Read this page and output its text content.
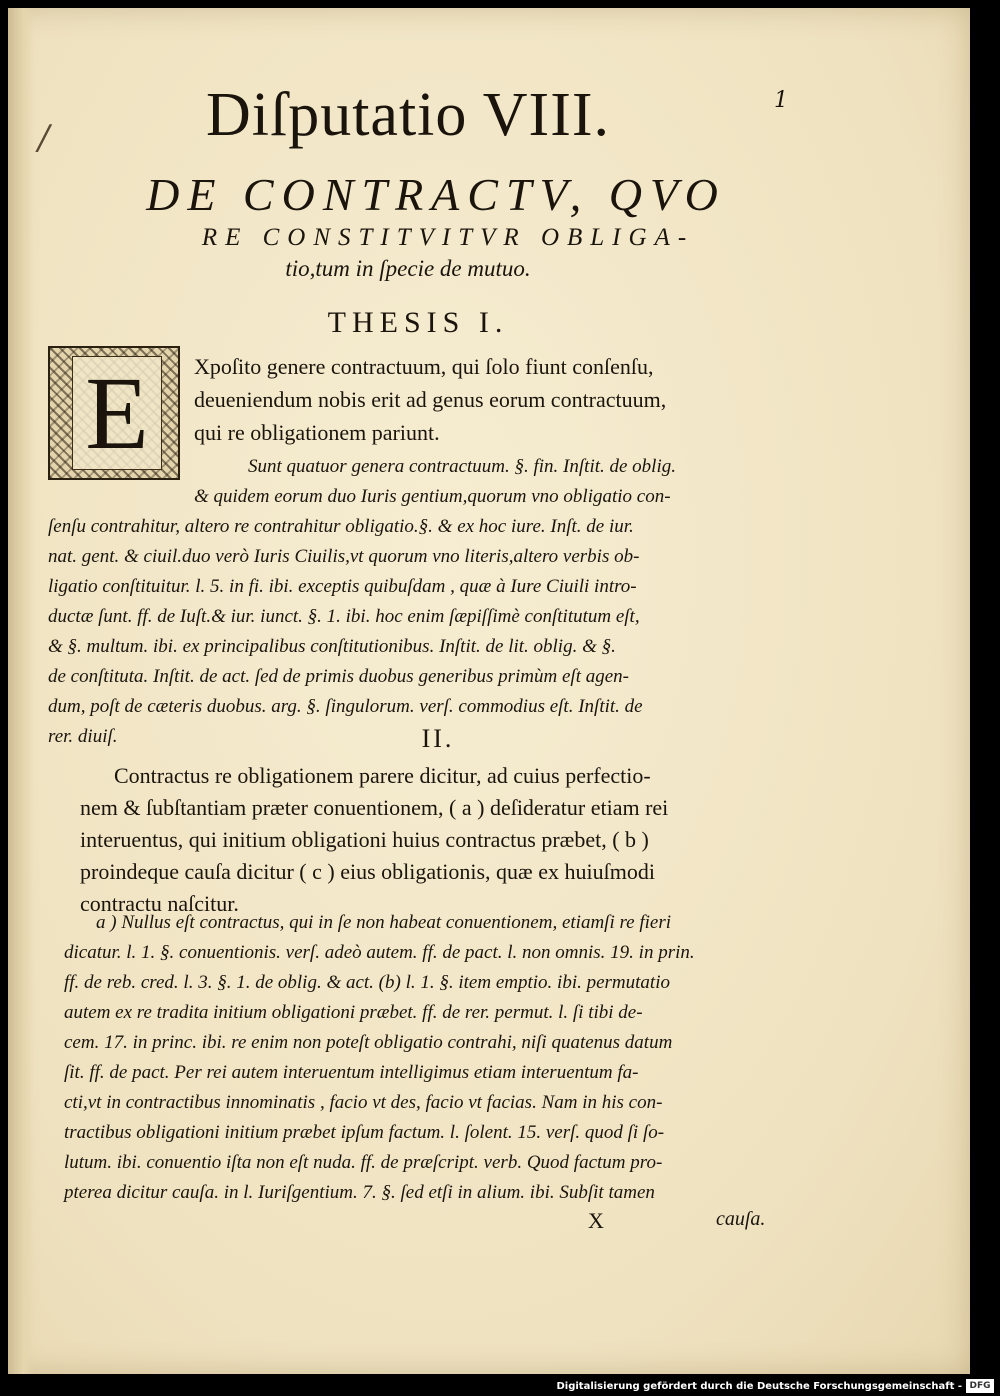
/
1
Diſputatio VIII.
DE CONTRACTV, QVO
RE CONSTITVITVR OBLIGA-
tio,tum in ſpecie de mutuo.
THESIS I.
E	Xpoſito genere contractuum, qui ſolo fiunt conſenſu,
deueniendum nobis erit ad genus eorum contractuum,
qui re obligationem pariunt.
Sunt quatuor genera contractuum. §. fin. Inſtit. de oblig.
& quidem eorum duo Iuris gentium,quorum vno obligatio con-
ſenſu contrahitur, altero re contrahitur obligatio.§. & ex hoc iure. Inſt. de iur.
nat. gent. & ciuil.duo verò Iuris Ciuilis,vt quorum vno literis,altero verbis ob-
ligatio conſtituitur. l. 5. in fi. ibi. exceptis quibuſdam , quæ à Iure Ciuili intro-
ductæ ſunt. ff. de Iuſt.& iur. iunct. §. 1. ibi. hoc enim ſæpiſſimè conſtitutum eſt,
& §. multum. ibi. ex principalibus conſtitutionibus. Inſtit. de lit. oblig. & §.
de conſtituta. Inſtit. de act. ſed de primis duobus generibus primùm eſt agen-
dum, poſt de cæteris duobus. arg. §. ſingulorum. verſ. commodius eſt. Inſtit. de
rer. diuiſ.	II.
Contractus re obligationem parere dicitur, ad cuius perfectio-
nem & ſubſtantiam præter conuentionem, ( a ) deſideratur etiam rei
interuentus, qui initium obligationi huius contractus præbet, ( b )
proindeque cauſa dicitur ( c ) eius obligationis, quæ ex huiuſmodi
contractu naſcitur.
a ) Nullus eſt contractus, qui in ſe non habeat conuentionem, etiamſi re fieri
dicatur. l. 1. §. conuentionis. verſ. adeò autem. ff. de pact. l. non omnis. 19. in prin.
ff. de reb. cred. l. 3. §. 1. de oblig. & act. (b) l. 1. §. item emptio. ibi. permutatio
autem ex re tradita initium obligationi præbet. ff. de rer. permut. l. ſi tibi de-
cem. 17. in princ. ibi. re enim non poteſt obligatio contrahi, niſi quatenus datum
ſit. ff. de pact. Per rei autem interuentum intelligimus etiam interuentum fa-
cti,vt in contractibus innominatis , facio vt des, facio vt facias. Nam in his con-
tractibus obligationi initium præbet ipſum factum. l. ſolent. 15. verſ. quod ſi ſo-
lutum. ibi. conuentio iſta non eſt nuda. ff. de præſcript. verb. Quod factum pro-
pterea dicitur cauſa. in l. Iuriſgentium. 7. §. ſed etſi in alium. ibi. Subſit tamen
X	cauſa.
Digitalisierung gefördert durch die Deutsche Forschungsgemeinschaft - DFG
